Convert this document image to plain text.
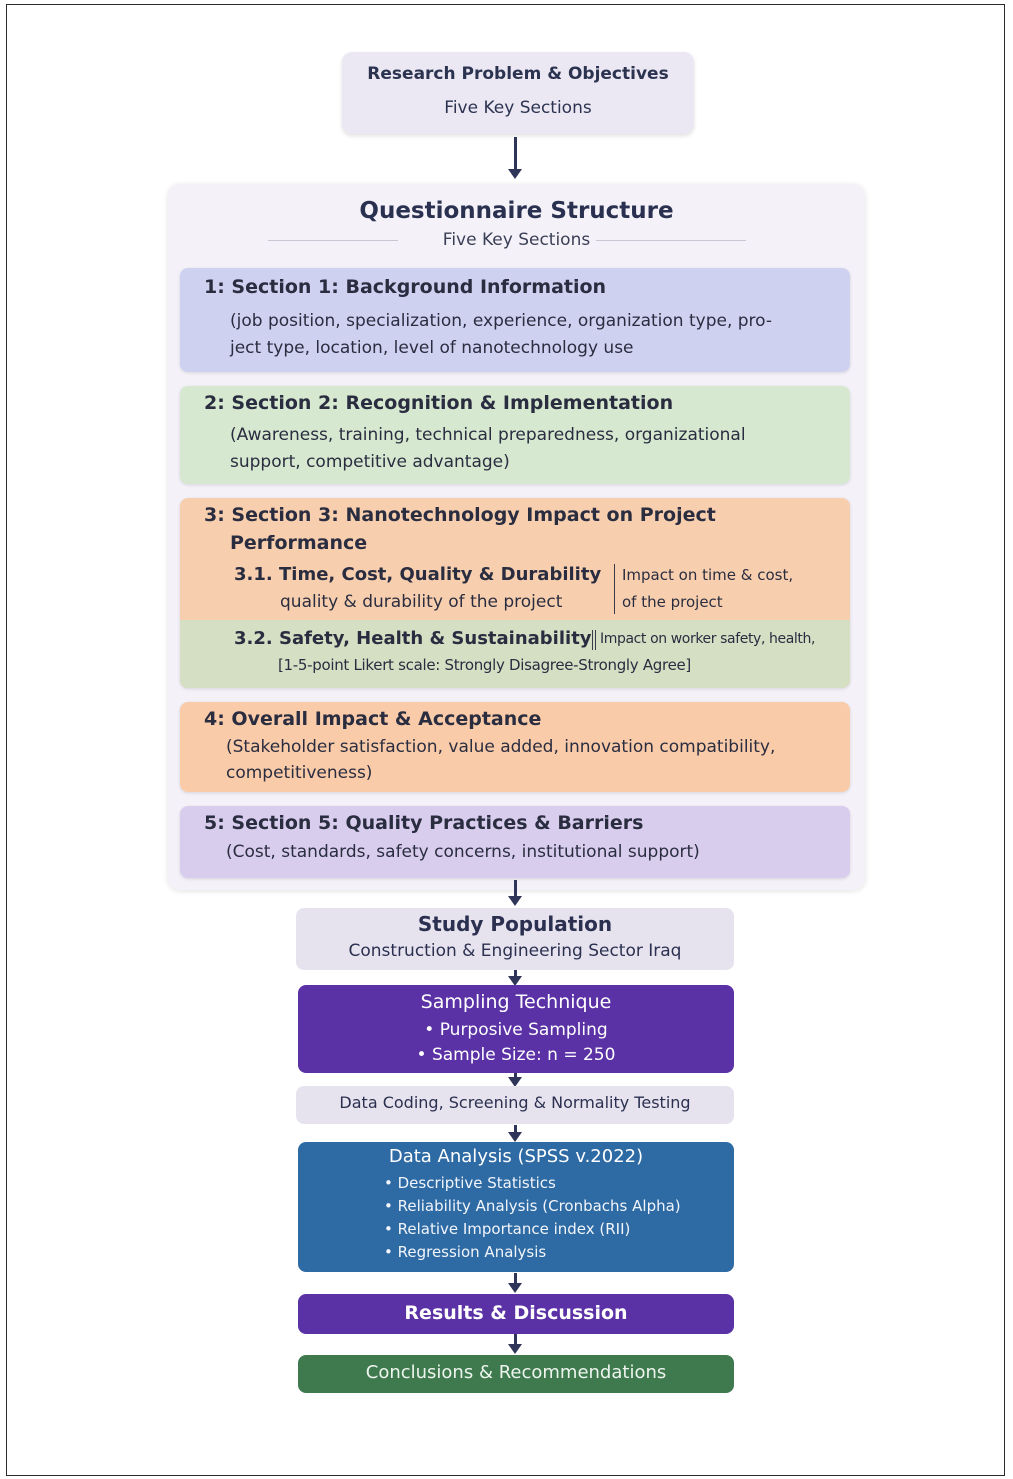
Research Problem & Objectives
Five Key Sections
Questionnaire Structure
Five Key Sections
1: Section 1: Background Information
(job position, specialization, experience, organization type, pro-
ject type, location, level of nanotechnology use
2: Section 2: Recognition & Implementation
(Awareness, training, technical preparedness, organizational
support, competitive advantage)
3: Section 3: Nanotechnology Impact on Project
Performance
3.1. Time, Cost, Quality & Durability
quality & durability of the project
Impact on time & cost,
of the project
3.2. Safety, Health & Sustainability Impact on worker safety, health,
[1-5-point Likert scale: Strongly Disagree-Strongly Agree]
4: Overall Impact & Acceptance
(Stakeholder satisfaction, value added, innovation compatibility,
competitiveness)
5: Section 5: Quality Practices & Barriers
(Cost, standards, safety concerns, institutional support)
Study Population
Construction & Engineering Sector Iraq
Sampling Technique
• Purposive Sampling
• Sample Size: n = 250
Data Coding, Screening & Normality Testing
Data Analysis (SPSS v.2022)
• Descriptive Statistics
• Reliability Analysis (Cronbachs Alpha)
• Relative Importance index (RII)
• Regression Analysis
Results & Discussion
Conclusions & Recommendations
